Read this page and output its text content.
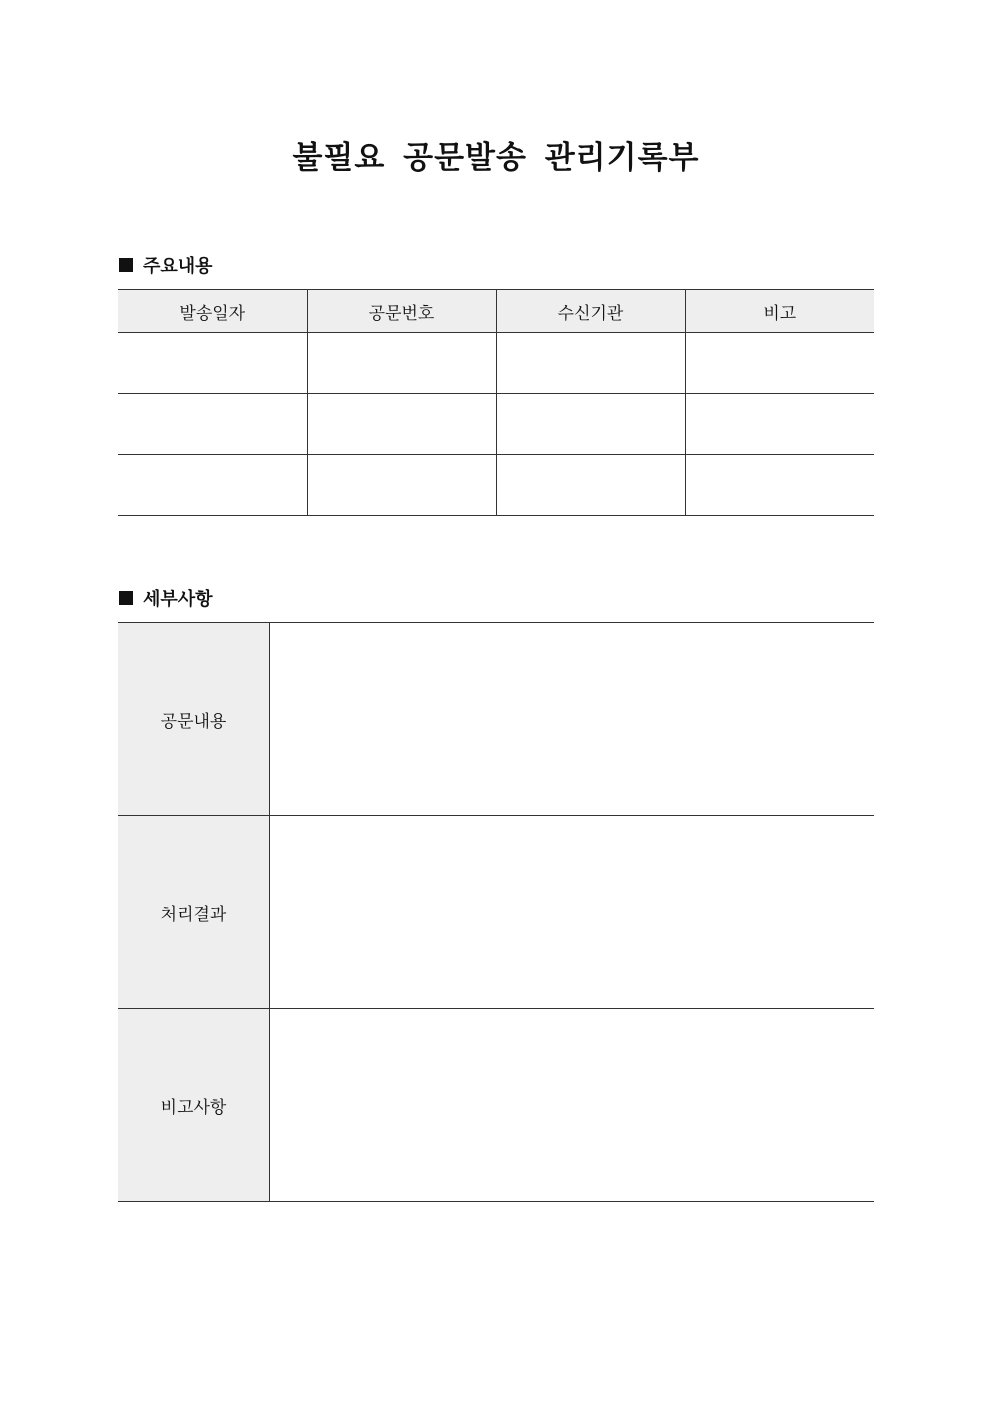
불필요 공문발송 관리기록부
주요내용
발송일자	공문번호	수신기관	비고

세부사항
공문내용	
처리결과	
비고사항	
